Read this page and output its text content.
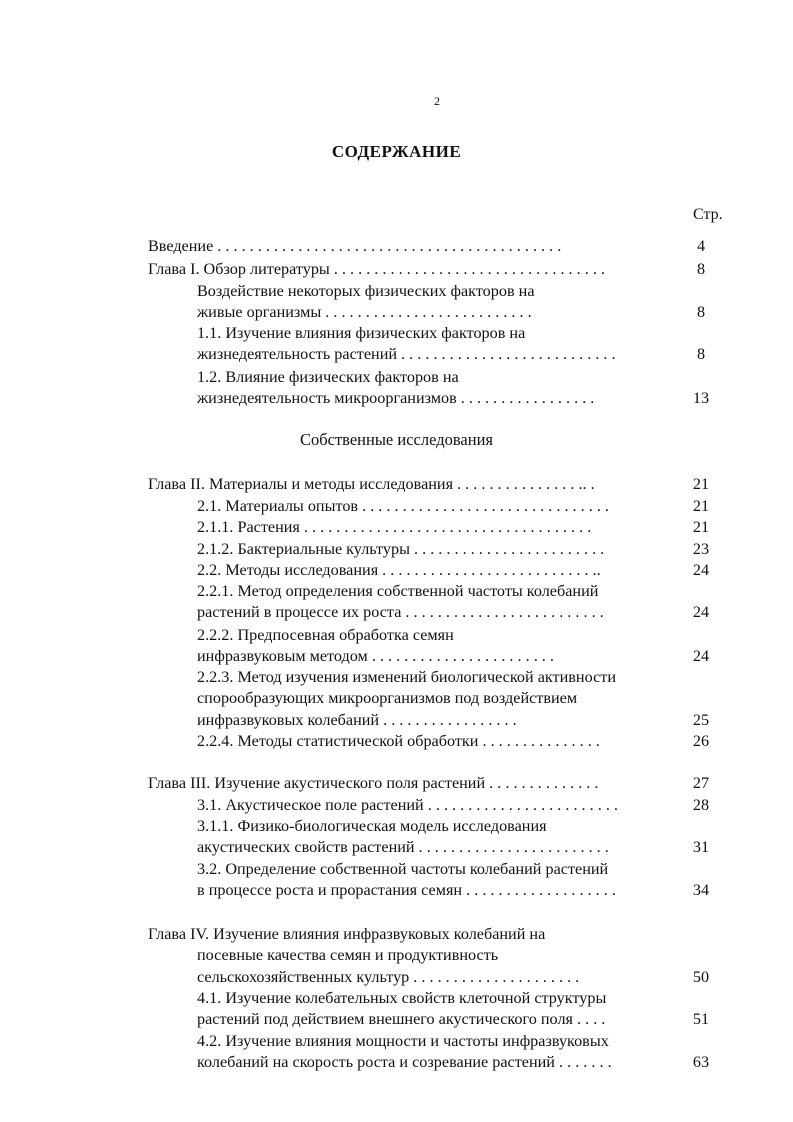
2
СОДЕРЖАНИЕ
Стр.
Собственные исследования
Введение . . . . . . . . . . . . . . . . . . . . . . . . . . . . . . . . . . . . . . . . . . .	4
Глава I. Обзор литературы . . . . . . . . . . . . . . . . . . . . . . . . . . . . . . . . . .	8
Воздействие некоторых физических факторов на
живые организмы . . . . . . . . . . . . . . . . . . . . . . . . . .	8
1.1. Изучение влияния физических факторов на
жизнедеятельность растений . . . . . . . . . . . . . . . . . . . . . . . . . . .	8
1.2. Влияние физических факторов на
жизнедеятельность микроорганизмов . . . . . . . . . . . . . . . . .	13
Глава II. Материалы и методы исследования . . . . . . . . . . . . . . . .. .	21
2.1. Материалы опытов . . . . . . . . . . . . . . . . . . . . . . . . . . . . . . .	21
2.1.1. Растения . . . . . . . . . . . . . . . . . . . . . . . . . . . . . . . . . . . .	21
2.1.2. Бактериальные культуры . . . . . . . . . . . . . . . . . . . . . . . .	23
2.2. Методы исследования . . . . . . . . . . . . . . . . . . . . . . . . . . ..	24
2.2.1. Метод определения собственной частоты колебаний
растений в процессе их роста . . . . . . . . . . . . . . . . . . . . . . . . .	24
2.2.2. Предпосевная обработка семян
инфразвуковым методом . . . . . . . . . . . . . . . . . . . . . . .	24
2.2.3. Метод изучения изменений биологической активности
спорообразующих микроорганизмов под воздействием
инфразвуковых колебаний . . . . . . . . . . . . . . . . .	25
2.2.4. Методы статистической обработки . . . . . . . . . . . . . . .	26
Глава III. Изучение акустического поля растений . . . . . . . . . . . . . .	27
3.1. Акустическое поле растений . . . . . . . . . . . . . . . . . . . . . . . .	28
3.1.1. Физико-биологическая модель исследования
акустических свойств растений . . . . . . . . . . . . . . . . . . . . . . . .	31
3.2. Определение собственной частоты колебаний растений
в процессе роста и прорастания семян . . . . . . . . . . . . . . . . . . .	34
Глава IV. Изучение влияния инфразвуковых колебаний на
посевные качества семян и продуктивность
сельскохозяйственных культур . . . . . . . . . . . . . . . . . . . . .	50
4.1. Изучение колебательных свойств клеточной структуры
растений под действием внешнего акустического поля . . . .	51
4.2. Изучение влияния мощности и частоты инфразвуковых
колебаний на скорость роста и созревание растений . . . . . . .	63
